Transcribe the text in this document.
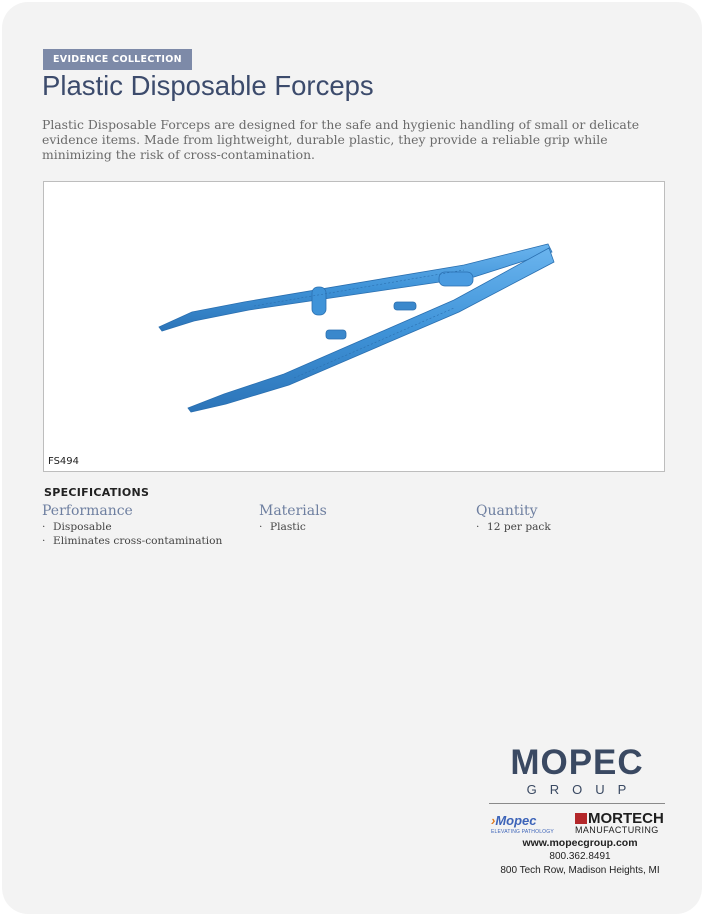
EVIDENCE COLLECTION
Plastic Disposable Forceps
Plastic Disposable Forceps are designed for the safe and hygienic handling of small or delicate evidence items. Made from lightweight, durable plastic, they provide a reliable grip while minimizing the risk of cross-contamination.
FS494
SPECIFICATIONS
Performance
· Disposable
· Eliminates cross-contamination
Materials
· Plastic
Quantity
· 12 per pack
MOPEC
GROUP
›Mopec
ELEVATING PATHOLOGY
MORTECH
MANUFACTURING
www.mopecgroup.com
800.362.8491
800 Tech Row, Madison Heights, MI
